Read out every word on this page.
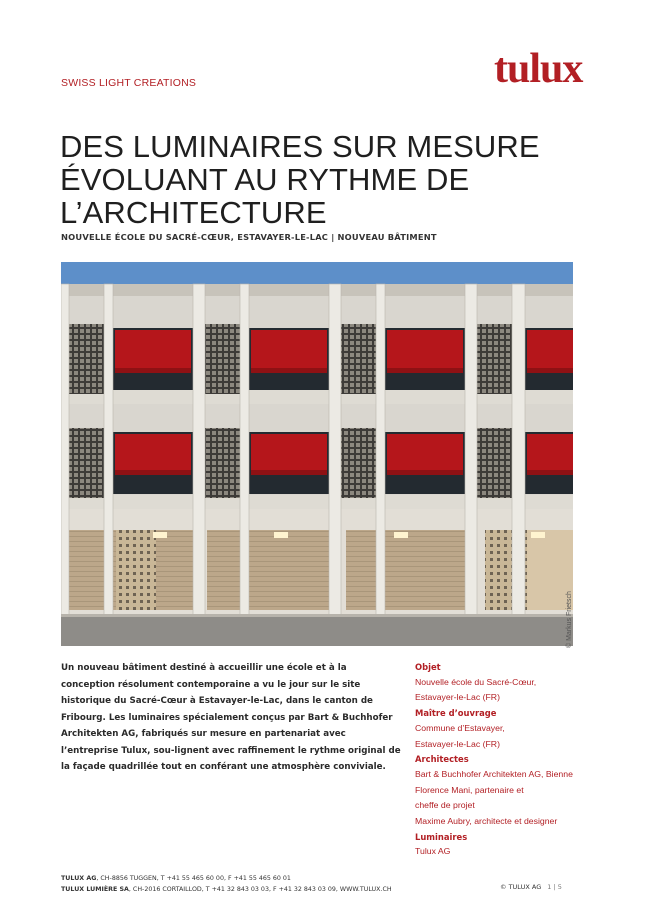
SWISS LIGHT CREATIONS	tulux
DES LUMINAIRES SUR MESURE
ÉVOLUANT AU RYTHME DE
L’ARCHITECTURE
NOUVELLE ÉCOLE DU SACRÉ-CŒUR, ESTAVAYER-LE-LAC | NOUVEAU BÂTIMENT
© Markus Frietsch

Un nouveau bâtiment destiné à accueillir une école et à la conception résolument contemporaine a vu le jour sur le site historique du Sacré-Cœur à Estavayer-le-Lac, dans le canton de Fribourg. Les luminaires spécialement conçus par Bart & Buchhofer Architekten AG, fabriqués sur mesure en partenariat avec l’entreprise Tulux, sou-lignent avec raffinement le rythme original de la façade quadrillée tout en conférant une atmosphère conviviale.

Objet
Nouvelle école du Sacré-Cœur,
Estavayer-le-Lac (FR)
Maître d’ouvrage
Commune d’Estavayer,
Estavayer-le-Lac (FR)
Architectes
Bart & Buchhofer Architekten AG, Bienne
Florence Mani, partenaire et
cheffe de projet
Maxime Aubry, architecte et designer
Luminaires
Tulux AG
TULUX AG, CH-8856 TUGGEN, T +41 55 465 60 00, F +41 55 465 60 01
TULUX LUMIÈRE SA, CH-2016 CORTAILLOD, T +41 32 843 03 03, F +41 32 843 03 09, WWW.TULUX.CH	© TULUX AG 1 | 5
